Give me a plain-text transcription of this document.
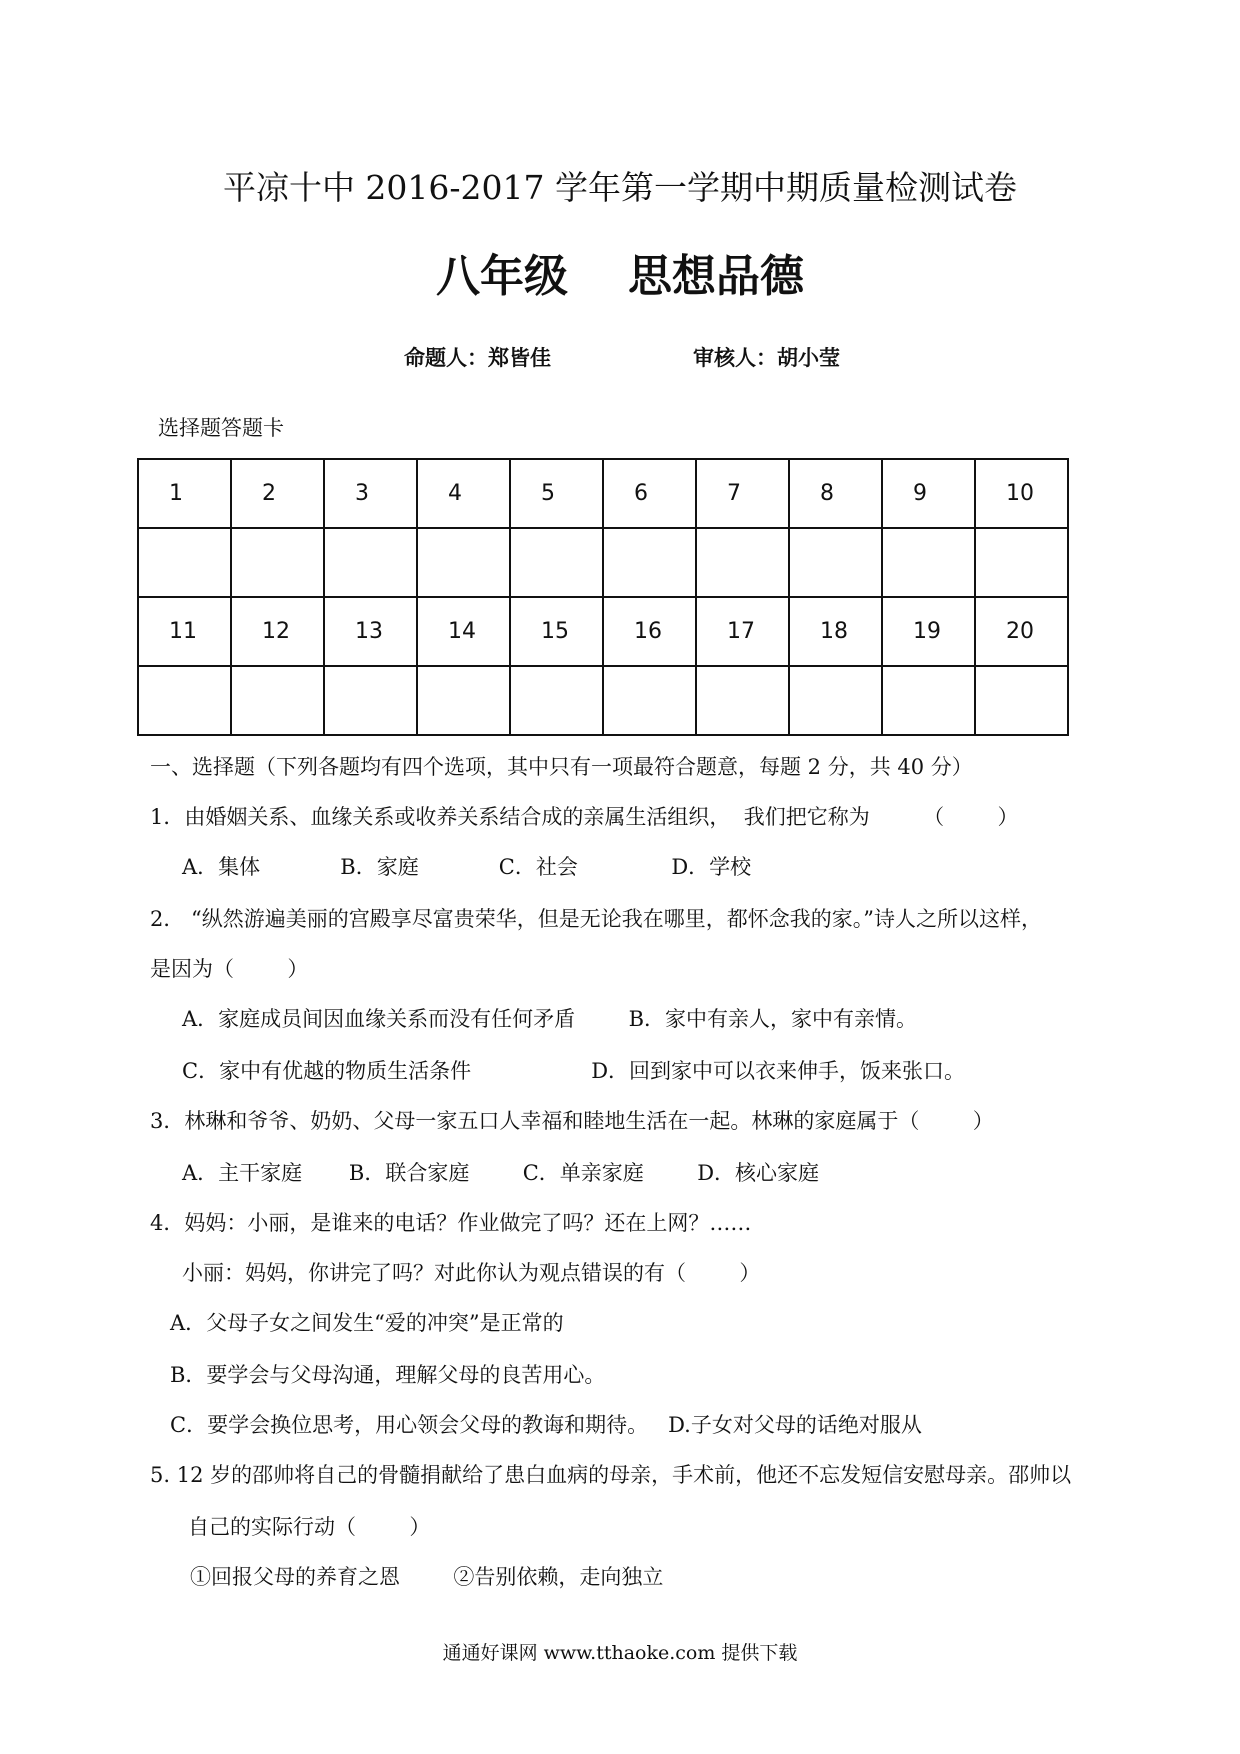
平凉十中 2016-2017 学年第一学期中期质量检测试卷
八年级 思想品德
命题人：郑皆佳	审核人：胡小莹
选择题答题卡
1	2	3	4	5	6	7	8	9	10

11	12	13	14	15	16	17	18	19	20

一、选择题（下列各题均有四个选项，其中只有一项最符合题意，每题 2 分，共 40 分）
1．由婚姻关系、血缘关系或收养关系结合成的亲属生活组织，  我们把它称为        （        ）
A．集体            B．家庭            C．社会              D．学校
2． “纵然游遍美丽的宫殿享尽富贵荣华，但是无论我在哪里，都怀念我的家。”诗人之所以这样，
是因为（        ）
A．家庭成员间因血缘关系而没有任何矛盾        B．家中有亲人，家中有亲情。
C．家中有优越的物质生活条件                  D．回到家中可以衣来伸手，饭来张口。
3．林琳和爷爷、奶奶、父母一家五口人幸福和睦地生活在一起。林琳的家庭属于（        ）
A．主干家庭       B．联合家庭        C．单亲家庭        D．核心家庭
4．妈妈：小丽，是谁来的电话？作业做完了吗？还在上网？……
小丽：妈妈，你讲完了吗？对此你认为观点错误的有（        ）
A．父母子女之间发生“爱的冲突”是正常的
B．要学会与父母沟通，理解父母的良苦用心。
C．要学会换位思考，用心领会父母的教诲和期待。   D.子女对父母的话绝对服从
5. 12 岁的邵帅将自己的骨髓捐献给了患白血病的母亲，手术前，他还不忘发短信安慰母亲。邵帅以
自己的实际行动（        ）
①回报父母的养育之恩        ②告别依赖，走向独立
通通好课网 www.tthaoke.com 提供下载
